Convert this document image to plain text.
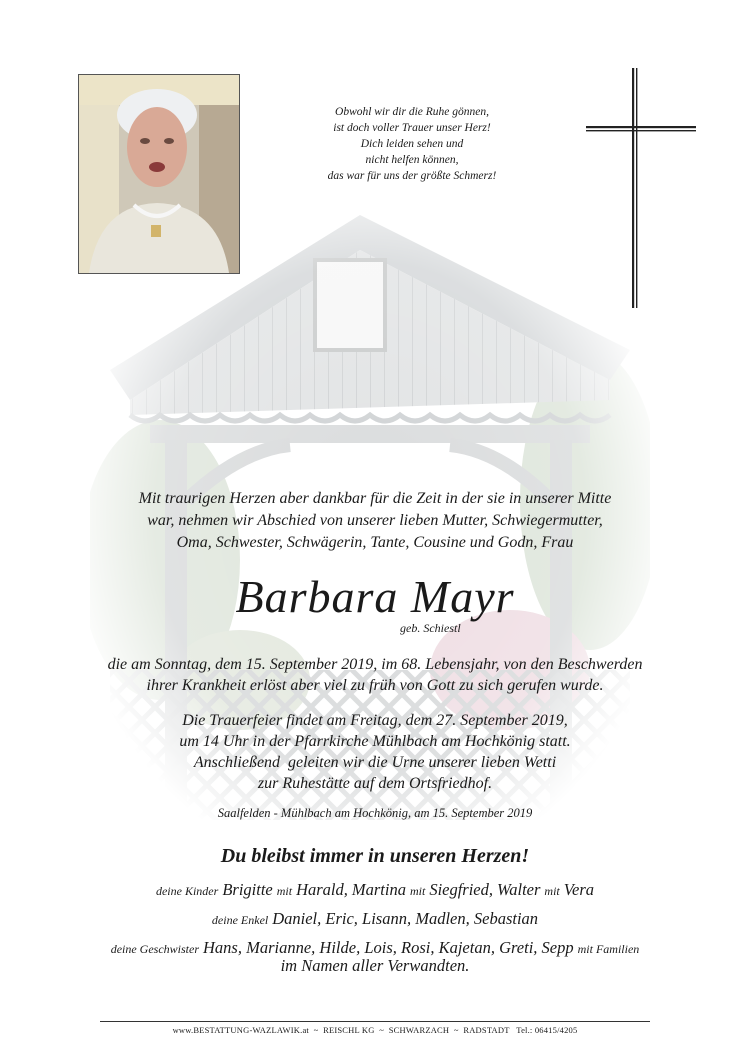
Obwohl wir dir die Ruhe gönnen,
ist doch voller Trauer unser Herz!
Dich leiden sehen und
nicht helfen können,
das war für uns der größte Schmerz!
Mit traurigen Herzen aber dankbar für die Zeit in der sie in unserer Mitte
war, nehmen wir Abschied von unserer lieben Mutter, Schwiegermutter,
Oma, Schwester, Schwägerin, Tante, Cousine und Godn, Frau
Barbara Mayr
geb. Schiestl
die am Sonntag, dem 15. September 2019, im 68. Lebensjahr, von den Beschwerden
ihrer Krankheit erlöst aber viel zu früh von Gott zu sich gerufen wurde.
Die Trauerfeier findet am Freitag, dem 27. September 2019,
um 14 Uhr in der Pfarrkirche Mühlbach am Hochkönig statt.
Anschließend  geleiten wir die Urne unserer lieben Wetti
zur Ruhestätte auf dem Ortsfriedhof.
Saalfelden - Mühlbach am Hochkönig, am 15. September 2019
Du bleibst immer in unseren Herzen!
deine Kinder Brigitte mit Harald, Martina mit Siegfried, Walter mit Vera
deine Enkel Daniel, Eric, Lisann, Madlen, Sebastian
deine Geschwister Hans, Marianne, Hilde, Lois, Rosi, Kajetan, Greti, Sepp mit Familien
im Namen aller Verwandten.
www.BESTATTUNG-WAZLAWIK.at  ~  REISCHL KG  ~  SCHWARZACH  ~  RADSTADT   Tel.: 06415/4205
